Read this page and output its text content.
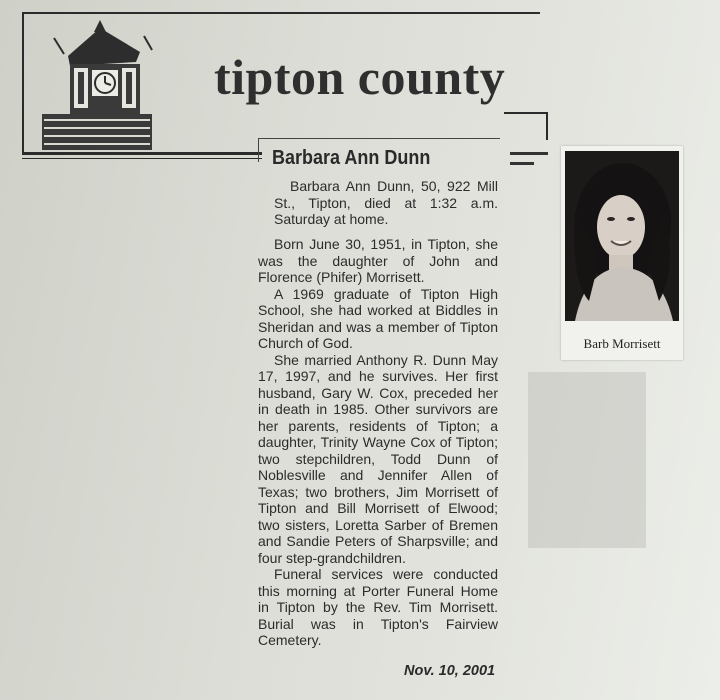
tipton county
Barbara Ann Dunn
Barbara Ann Dunn, 50, 922 Mill St., Tipton, died at 1:32 a.m. Saturday at home.

Born June 30, 1951, in Tipton, she was the daughter of John and Florence (Phifer) Morrisett.

A 1969 graduate of Tipton High School, she had worked at Biddles in Sheridan and was a member of Tipton Church of God.

She married Anthony R. Dunn May 17, 1997, and he survives. Her first husband, Gary W. Cox, preceded her in death in 1985. Other survivors are her parents, residents of Tipton; a daughter, Trinity Wayne Cox of Tipton; two stepchildren, Todd Dunn of Noblesville and Jennifer Allen of Texas; two brothers, Jim Morrisett of Tipton and Bill Morrisett of Elwood; two sisters, Loretta Sarber of Bremen and Sandie Peters of Sharpsville; and four step-grandchildren.

Funeral services were conducted this morning at Porter Funeral Home in Tipton by the Rev. Tim Morrisett. Burial was in Tipton's Fairview Cemetery.

Nov. 10, 2001
Barb Morrisett
